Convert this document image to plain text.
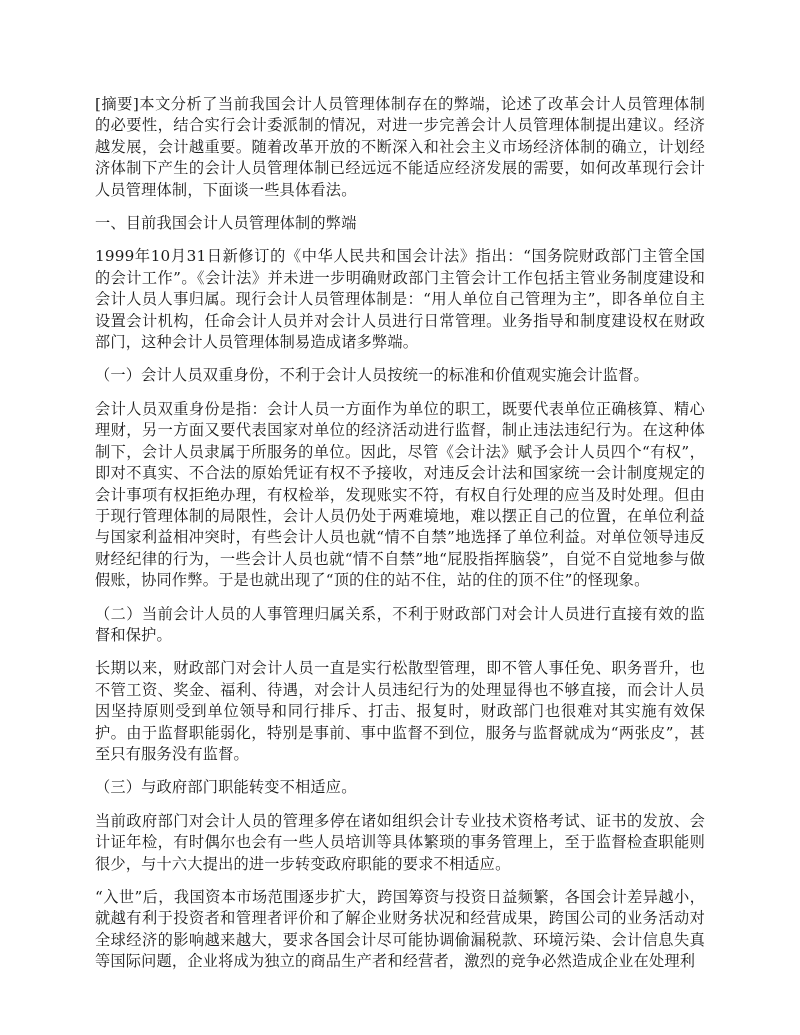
[摘要]本文分析了当前我国会计人员管理体制存在的弊端，论述了改革会计人员管理体制的必要性，结合实行会计委派制的情况，对进一步完善会计人员管理体制提出建议。经济越发展，会计越重要。随着改革开放的不断深入和社会主义市场经济体制的确立，计划经济体制下产生的会计人员管理体制已经远远不能适应经济发展的需要，如何改革现行会计人员管理体制，下面谈一些具体看法。

一、目前我国会计人员管理体制的弊端

1999年10月31日新修订的《中华人民共和国会计法》指出：“国务院财政部门主管全国的会计工作”。《会计法》并未进一步明确财政部门主管会计工作包括主管业务制度建设和会计人员人事归属。现行会计人员管理体制是：“用人单位自己管理为主”，即各单位自主设置会计机构，任命会计人员并对会计人员进行日常管理。业务指导和制度建设权在财政部门，这种会计人员管理体制易造成诸多弊端。

（一）会计人员双重身份，不利于会计人员按统一的标准和价值观实施会计监督。

会计人员双重身份是指：会计人员一方面作为单位的职工，既要代表单位正确核算、精心理财，另一方面又要代表国家对单位的经济活动进行监督，制止违法违纪行为。在这种体制下，会计人员隶属于所服务的单位。因此，尽管《会计法》赋予会计人员四个“有权”，即对不真实、不合法的原始凭证有权不予接收，对违反会计法和国家统一会计制度规定的会计事项有权拒绝办理，有权检举，发现账实不符，有权自行处理的应当及时处理。但由于现行管理体制的局限性，会计人员仍处于两难境地，难以摆正自己的位置，在单位利益与国家利益相冲突时，有些会计人员也就“情不自禁”地选择了单位利益。对单位领导违反财经纪律的行为，一些会计人员也就“情不自禁”地“屁股指挥脑袋”，自觉不自觉地参与做假账，协同作弊。于是也就出现了“顶的住的站不住，站的住的顶不住”的怪现象。

（二）当前会计人员的人事管理归属关系，不利于财政部门对会计人员进行直接有效的监督和保护。

长期以来，财政部门对会计人员一直是实行松散型管理，即不管人事任免、职务晋升，也不管工资、奖金、福利、待遇，对会计人员违纪行为的处理显得也不够直接，而会计人员因坚持原则受到单位领导和同行排斥、打击、报复时，财政部门也很难对其实施有效保护。由于监督职能弱化，特别是事前、事中监督不到位，服务与监督就成为“两张皮”，甚至只有服务没有监督。

（三）与政府部门职能转变不相适应。

当前政府部门对会计人员的管理多停在诸如组织会计专业技术资格考试、证书的发放、会计证年检，有时偶尔也会有一些人员培训等具体繁琐的事务管理上，至于监督检查职能则很少，与十六大提出的进一步转变政府职能的要求不相适应。

“入世”后，我国资本市场范围逐步扩大，跨国筹资与投资日益频繁，各国会计差异越小，就越有利于投资者和管理者评价和了解企业财务状况和经营成果，跨国公司的业务活动对全球经济的影响越来越大，要求各国会计尽可能协调偷漏税款、环境污染、会计信息失真等国际问题，企业将成为独立的商品生产者和经营者，激烈的竞争必然造成企业在处理利
